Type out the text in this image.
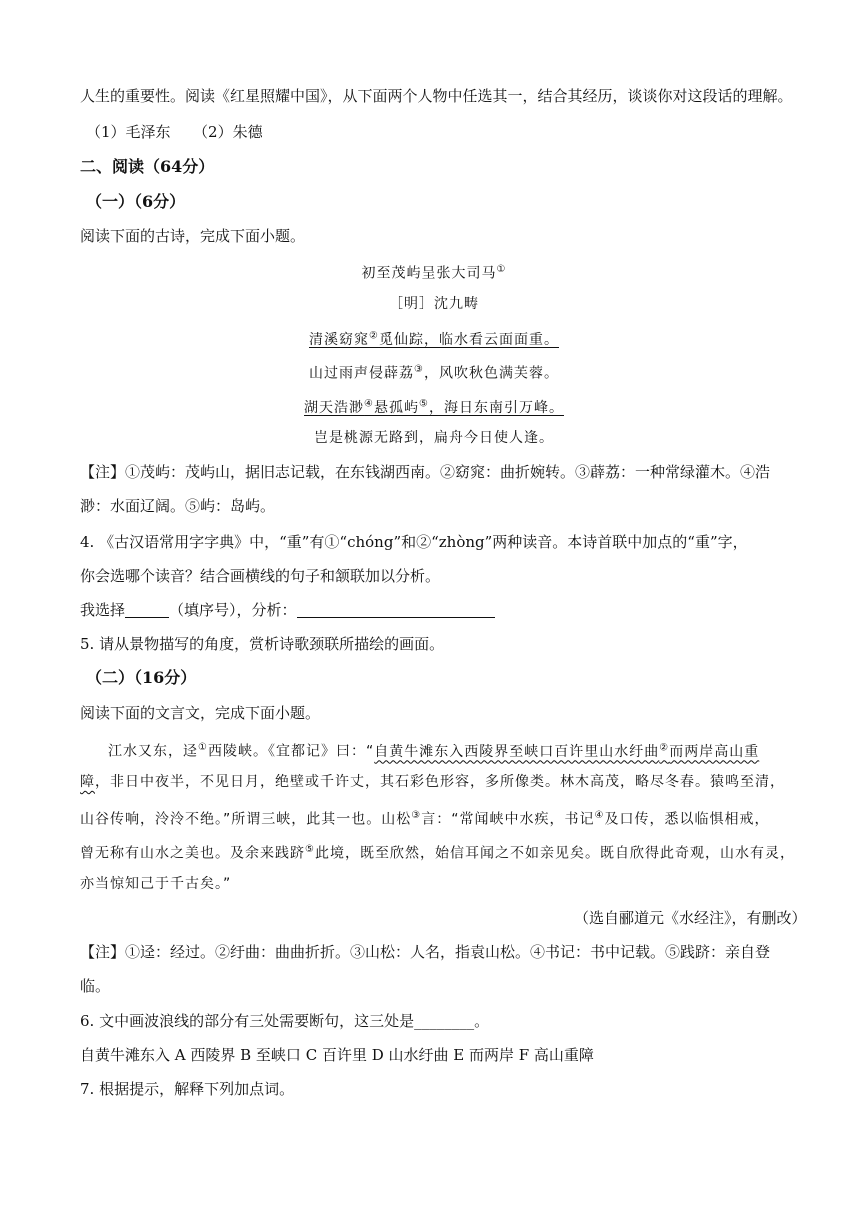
人生的重要性。阅读《红星照耀中国》，从下面两个人物中任选其一，结合其经历，谈谈你对这段话的理解。
（1）毛泽东　　（2）朱德
二、阅读（64分）
（一）（6分）
阅读下面的古诗，完成下面小题。
初至茂屿呈张大司马①
［明］沈九畴
清溪窈窕②觅仙踪，临水看云面面重。
山过雨声侵薜荔③，风吹秋色满芙蓉。
湖天浩渺④悬孤屿⑤，海日东南引万峰。
岂是桃源无路到，扁舟今日使人逢。
【注】①茂屿：茂屿山，据旧志记载，在东钱湖西南。②窈窕：曲折婉转。③薜荔：一种常绿灌木。④浩
渺：水面辽阔。⑤屿：岛屿。
4. 《古汉语常用字字典》中，“重”有①“chóng”和②“zhòng”两种读音。本诗首联中加点的“重”字，
你会选哪个读音？结合画横线的句子和颔联加以分析。
我选择	（填序号），分析：
5. 请从景物描写的角度，赏析诗歌颈联所描绘的画面。
（二）（16分）
阅读下面的文言文，完成下面小题。
江水又东，迳①西陵峡。《宜都记》曰：“自黄牛滩东入西陵界至峡口百许里山水纡曲②而两岸高山重
障，非日中夜半，不见日月，绝壁或千许丈，其石彩色形容，多所像类。林木高茂，略尽冬春。猿鸣至清，
山谷传响，泠泠不绝。”所谓三峡，此其一也。山松③言：“常闻峡中水疾，书记④及口传，悉以临惧相戒，
曾无称有山水之美也。及余来践跻⑤此境，既至欣然，始信耳闻之不如亲见矣。既自欣得此奇观，山水有灵，
亦当惊知己于千古矣。”
（选自郦道元《水经注》，有删改）
【注】①迳：经过。②纡曲：曲曲折折。③山松：人名，指袁山松。④书记：书中记载。⑤践跻：亲自登
临。
6. 文中画波浪线的部分有三处需要断句，这三处是________。
自黄牛滩东入 A 西陵界 B 至峡口 C 百许里 D 山水纡曲 E 而两岸 F 高山重障
7. 根据提示，解释下列加点词。
